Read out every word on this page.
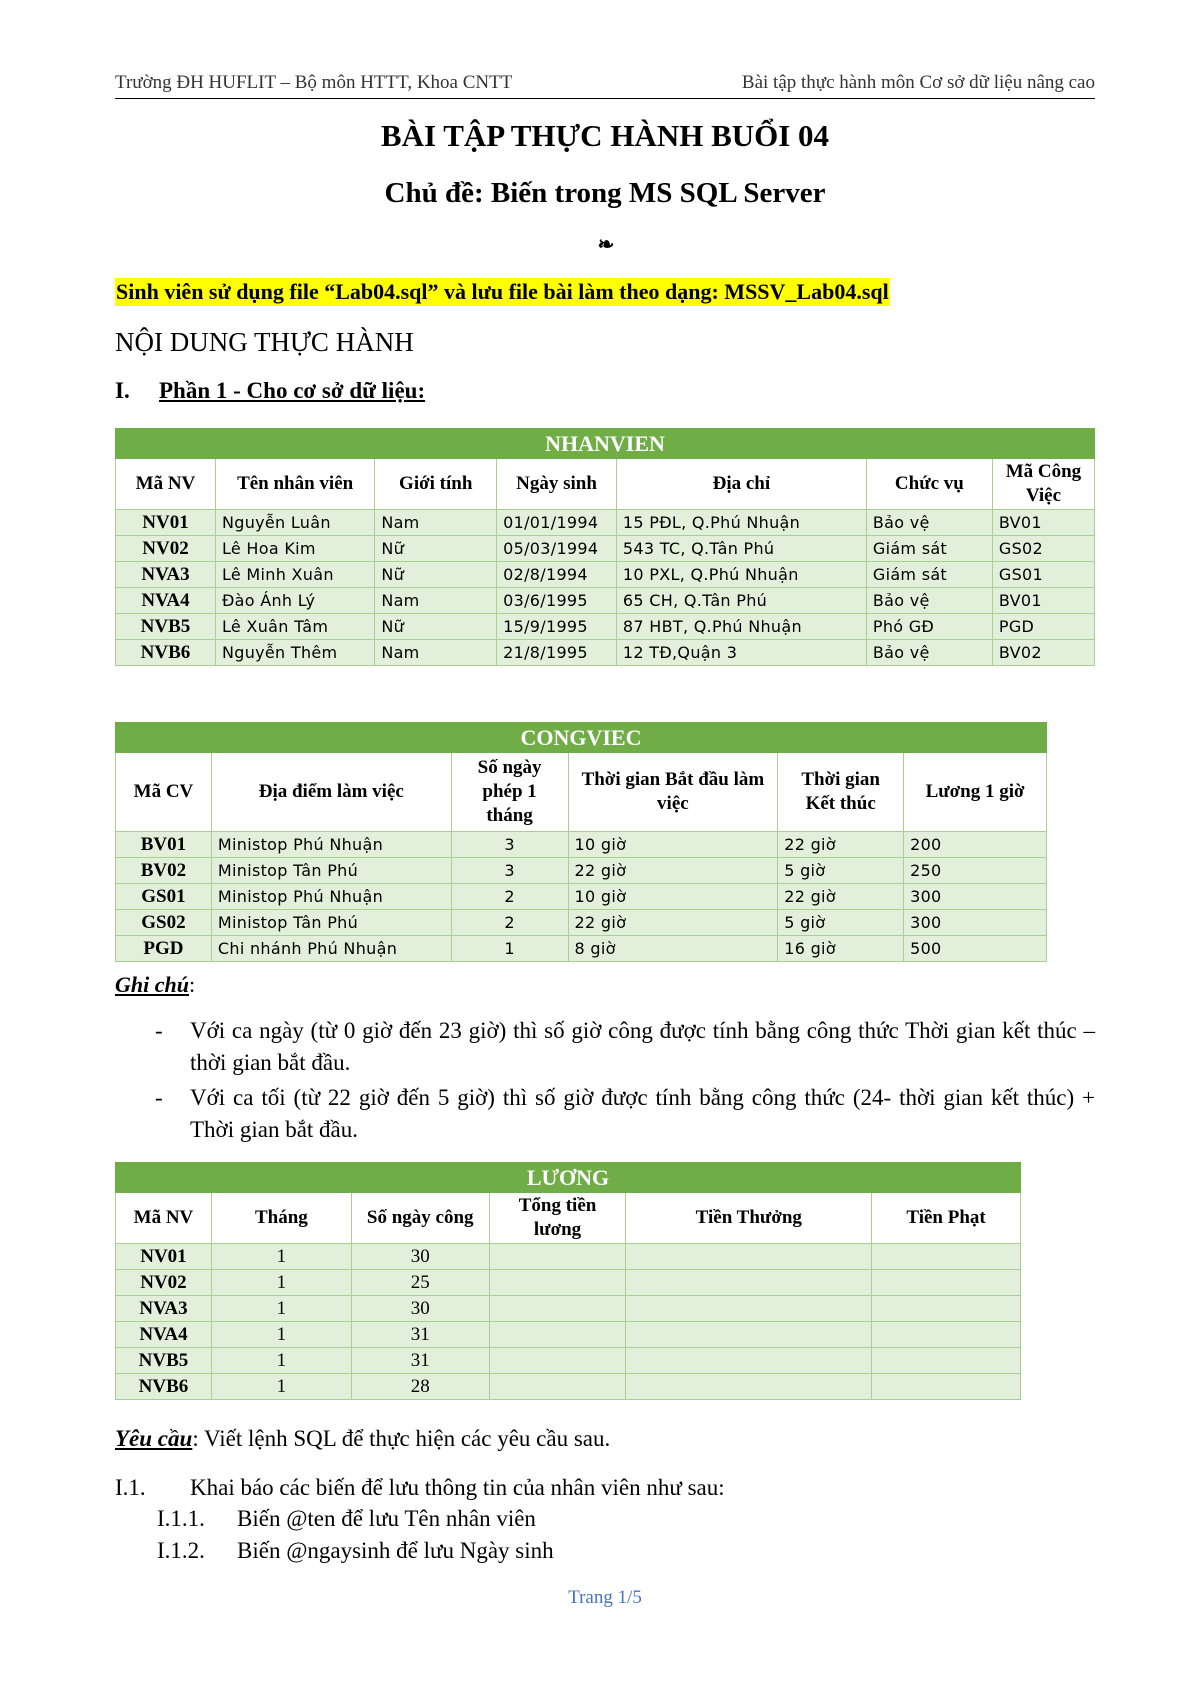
Trường ĐH HUFLIT – Bộ môn HTTT, Khoa CNTT	Bài tập thực hành môn Cơ sở dữ liệu nâng cao
BÀI TẬP THỰC HÀNH BUỔI 04
Chủ đề: Biến trong MS SQL Server
❧
Sinh viên sử dụng file “Lab04.sql” và lưu file bài làm theo dạng: MSSV_Lab04.sql
NỘI DUNG THỰC HÀNH
I. Phần 1 - Cho cơ sở dữ liệu:
NHANVIEN						
Mã NV	Tên nhân viên	Giới tính	Ngày sinh	Địa chỉ	Chức vụ	Mã Công Việc
NV01	Nguyễn Luân	Nam	01/01/1994	15 PĐL, Q.Phú Nhuận	Bảo vệ	BV01
NV02	Lê Hoa Kim	Nữ	05/03/1994	543 TC, Q.Tân Phú	Giám sát	GS02
NVA3	Lê Minh Xuân	Nữ	02/8/1994	10 PXL, Q.Phú Nhuận	Giám sát	GS01
NVA4	Đào Ánh Lý	Nam	03/6/1995	65 CH, Q.Tân Phú	Bảo vệ	BV01
NVB5	Lê Xuân Tâm	Nữ	15/9/1995	87 HBT, Q.Phú Nhuận	Phó GĐ	PGD
NVB6	Nguyễn Thêm	Nam	21/8/1995	12 TĐ,Quận 3	Bảo vệ	BV02
CONGVIEC					
Mã CV	Địa điểm làm việc	Số ngày phép 1 tháng	Thời gian Bắt đầu làm việc	Thời gian Kết thúc	Lương 1 giờ
BV01	Ministop Phú Nhuận	3	10 giờ	22 giờ	200
BV02	Ministop Tân Phú	3	22 giờ	5 giờ	250
GS01	Ministop Phú Nhuận	2	10 giờ	22 giờ	300
GS02	Ministop Tân Phú	2	22 giờ	5 giờ	300
PGD	Chi nhánh Phú Nhuận	1	8 giờ	16 giờ	500
Ghi chú:
- Với ca ngày (từ 0 giờ đến 23 giờ) thì số giờ công được tính bằng công thức Thời gian kết thúc – thời gian bắt đầu.
- Với ca tối (từ 22 giờ đến 5 giờ) thì số giờ được tính bằng công thức (24- thời gian kết thúc) + Thời gian bắt đầu.
LƯƠNG					
Mã NV	Tháng	Số ngày công	Tổng tiền lương	Tiền Thưởng	Tiền Phạt
NV01	1	30			
NV02	1	25			
NVA3	1	30			
NVA4	1	31			
NVB5	1	31			
NVB6	1	28			
Yêu cầu: Viết lệnh SQL để thực hiện các yêu cầu sau.
I.1. Khai báo các biến để lưu thông tin của nhân viên như sau:
I.1.1. Biến @ten để lưu Tên nhân viên
I.1.2. Biến @ngaysinh để lưu Ngày sinh
Trang 1/5
